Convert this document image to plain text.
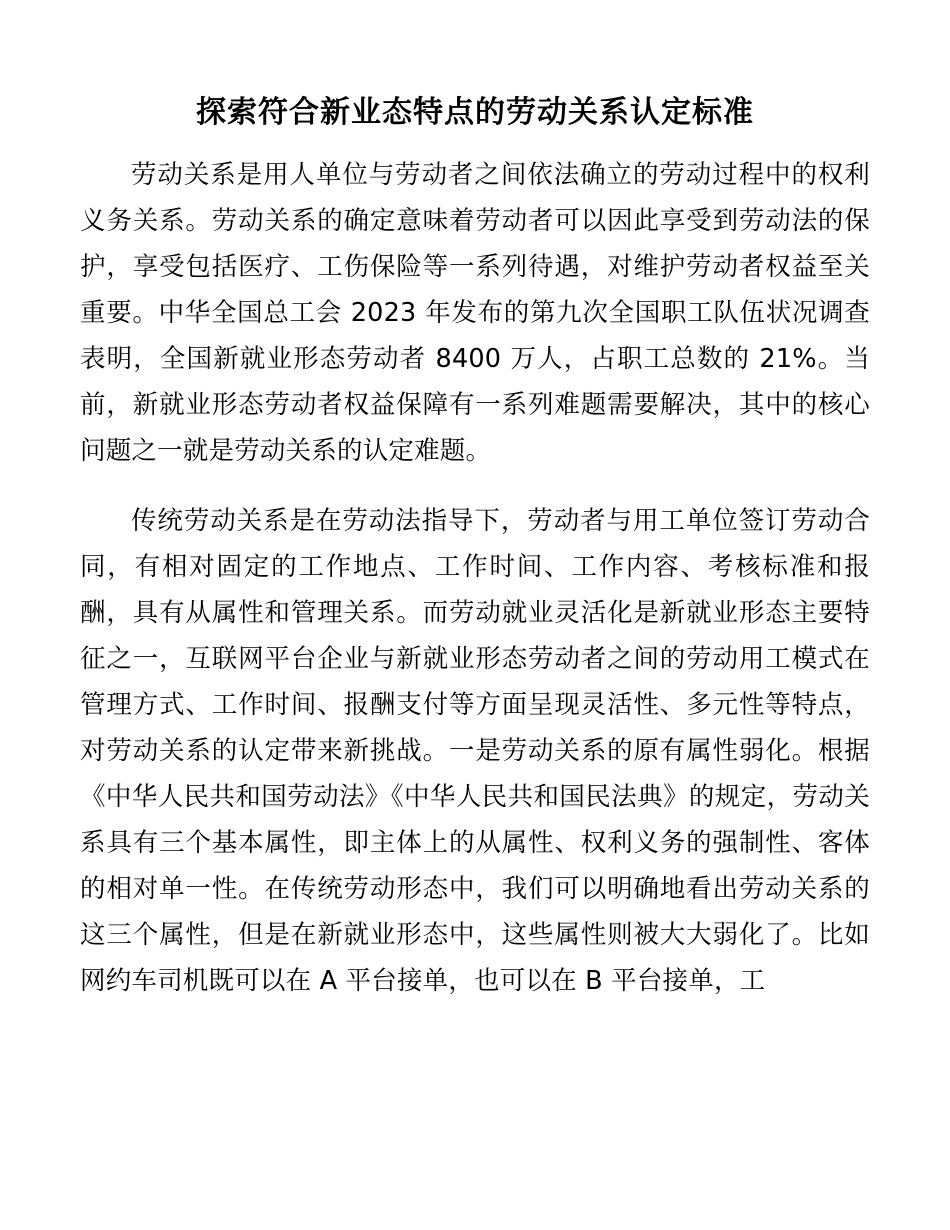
探索符合新业态特点的劳动关系认定标准

劳动关系是用人单位与劳动者之间依法确立的劳动过程中的权利义务关系。劳动关系的确定意味着劳动者可以因此享受到劳动法的保护，享受包括医疗、工伤保险等一系列待遇，对维护劳动者权益至关重要。中华全国总工会 2023 年发布的第九次全国职工队伍状况调查表明，全国新就业形态劳动者 8400 万人，占职工总数的 21%。当前，新就业形态劳动者权益保障有一系列难题需要解决，其中的核心问题之一就是劳动关系的认定难题。

传统劳动关系是在劳动法指导下，劳动者与用工单位签订劳动合同，有相对固定的工作地点、工作时间、工作内容、考核标准和报酬，具有从属性和管理关系。而劳动就业灵活化是新就业形态主要特征之一，互联网平台企业与新就业形态劳动者之间的劳动用工模式在管理方式、工作时间、报酬支付等方面呈现灵活性、多元性等特点，对劳动关系的认定带来新挑战。一是劳动关系的原有属性弱化。根据《中华人民共和国劳动法》《中华人民共和国民法典》的规定，劳动关系具有三个基本属性，即主体上的从属性、权利义务的强制性、客体的相对单一性。在传统劳动形态中，我们可以明确地看出劳动关系的这三个属性，但是在新就业形态中，这些属性则被大大弱化了。比如网约车司机既可以在 A 平台接单，也可以在 B 平台接单，工
